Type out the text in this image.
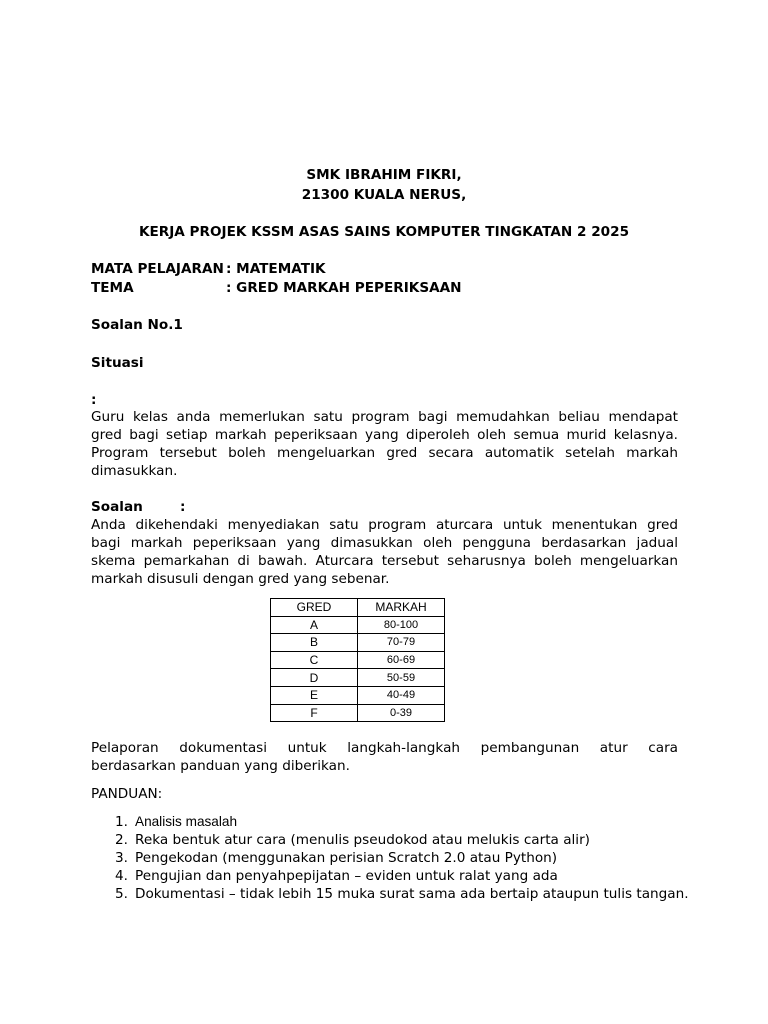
SMK IBRAHIM FIKRI,
21300 KUALA NERUS,
KERJA PROJEK KSSM ASAS SAINS KOMPUTER TINGKATAN 2 2025
MATA PELAJARAN : MATEMATIK
TEMA	: GRED MARKAH PEPERIKSAAN
Soalan No.1
Situasi
:
Guru kelas anda memerlukan satu program bagi memudahkan beliau mendapat
gred bagi setiap markah peperiksaan yang diperoleh oleh semua murid kelasnya.
Program tersebut boleh mengeluarkan gred secara automatik setelah markah
dimasukkan.
Soalan	:
Anda dikehendaki menyediakan satu program aturcara untuk menentukan gred
bagi markah peperiksaan yang dimasukkan oleh pengguna berdasarkan jadual
skema pemarkahan di bawah. Aturcara tersebut seharusnya boleh mengeluarkan
markah disusuli dengan gred yang sebenar.
GRED	MARKAH
A	80-100
B	70-79
C	60-69
D	50-59
E	40-49
F	0-39
Pelaporan dokumentasi untuk langkah-langkah pembangunan atur cara
berdasarkan panduan yang diberikan.
PANDUAN:
1. Analisis masalah
2. Reka bentuk atur cara (menulis pseudokod atau melukis carta alir)
3. Pengekodan (menggunakan perisian Scratch 2.0 atau Python)
4. Pengujian dan penyahpepijatan – eviden untuk ralat yang ada
5. Dokumentasi – tidak lebih 15 muka surat sama ada bertaip ataupun tulis tangan.
